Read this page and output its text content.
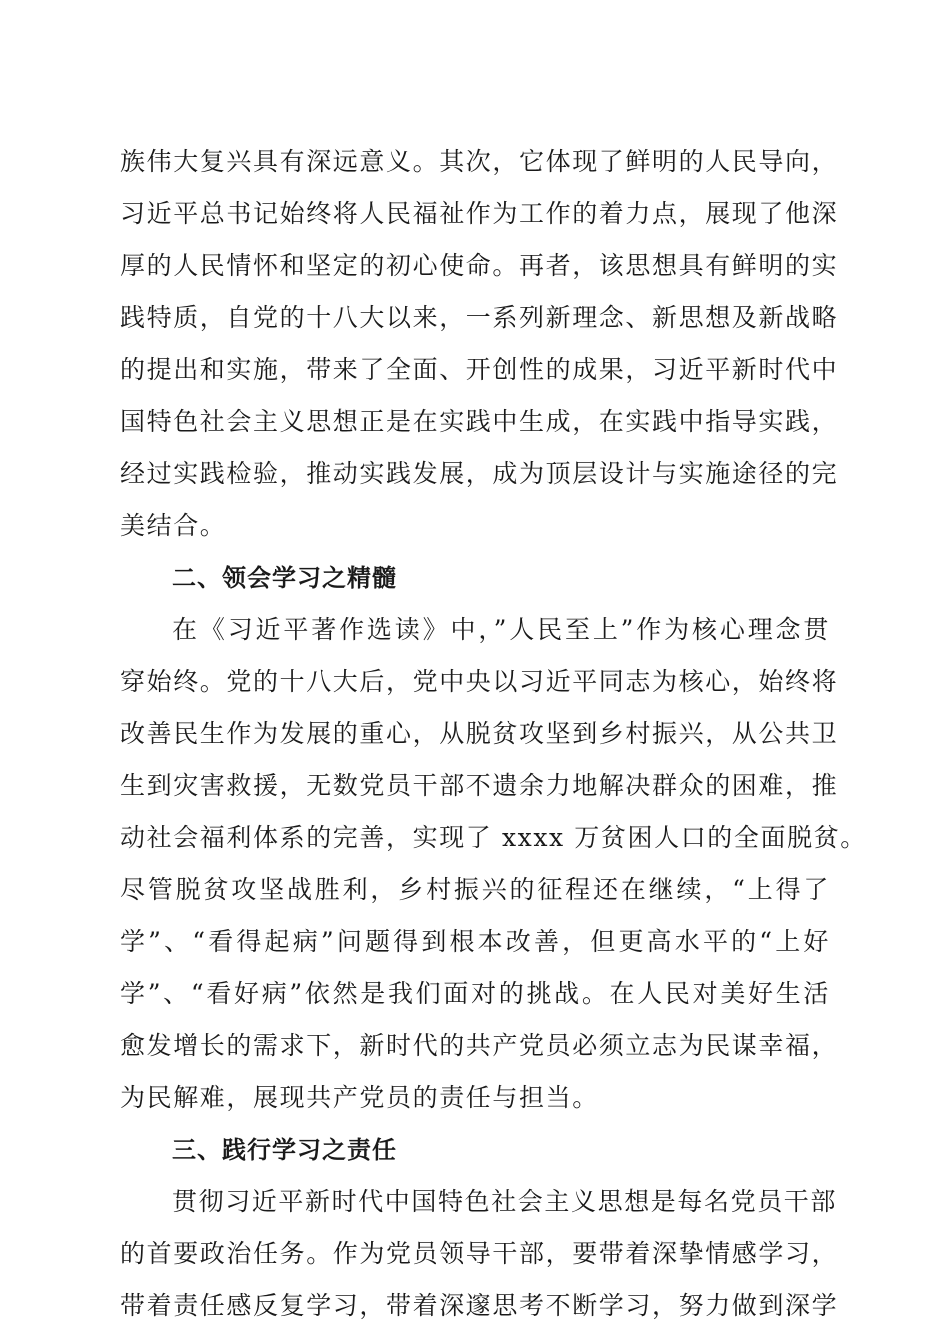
族伟大复兴具有深远意义。其次，它体现了鲜明的人民导向，
习近平总书记始终将人民福祉作为工作的着力点，展现了他深
厚的人民情怀和坚定的初心使命。再者，该思想具有鲜明的实
践特质，自党的十八大以来，一系列新理念、新思想及新战略
的提出和实施，带来了全面、开创性的成果，习近平新时代中
国特色社会主义思想正是在实践中生成，在实践中指导实践，
经过实践检验，推动实践发展，成为顶层设计与实施途径的完
美结合。
二、领会学习之精髓
在《习近平著作选读》中，”人民至上”作为核心理念贯
穿始终。党的十八大后，党中央以习近平同志为核心，始终将
改善民生作为发展的重心，从脱贫攻坚到乡村振兴，从公共卫
生到灾害救援，无数党员干部不遗余力地解决群众的困难，推
动社会福利体系的完善，实现了 xxxx 万贫困人口的全面脱贫。
尽管脱贫攻坚战胜利，乡村振兴的征程还在继续，“上得了
学”、“看得起病”问题得到根本改善，但更高水平的“上好
学”、“看好病”依然是我们面对的挑战。在人民对美好生活
愈发增长的需求下，新时代的共产党员必须立志为民谋幸福，
为民解难，展现共产党员的责任与担当。
三、践行学习之责任
贯彻习近平新时代中国特色社会主义思想是每名党员干部
的首要政治任务。作为党员领导干部，要带着深挚情感学习，
带着责任感反复学习，带着深邃思考不断学习，努力做到深学
